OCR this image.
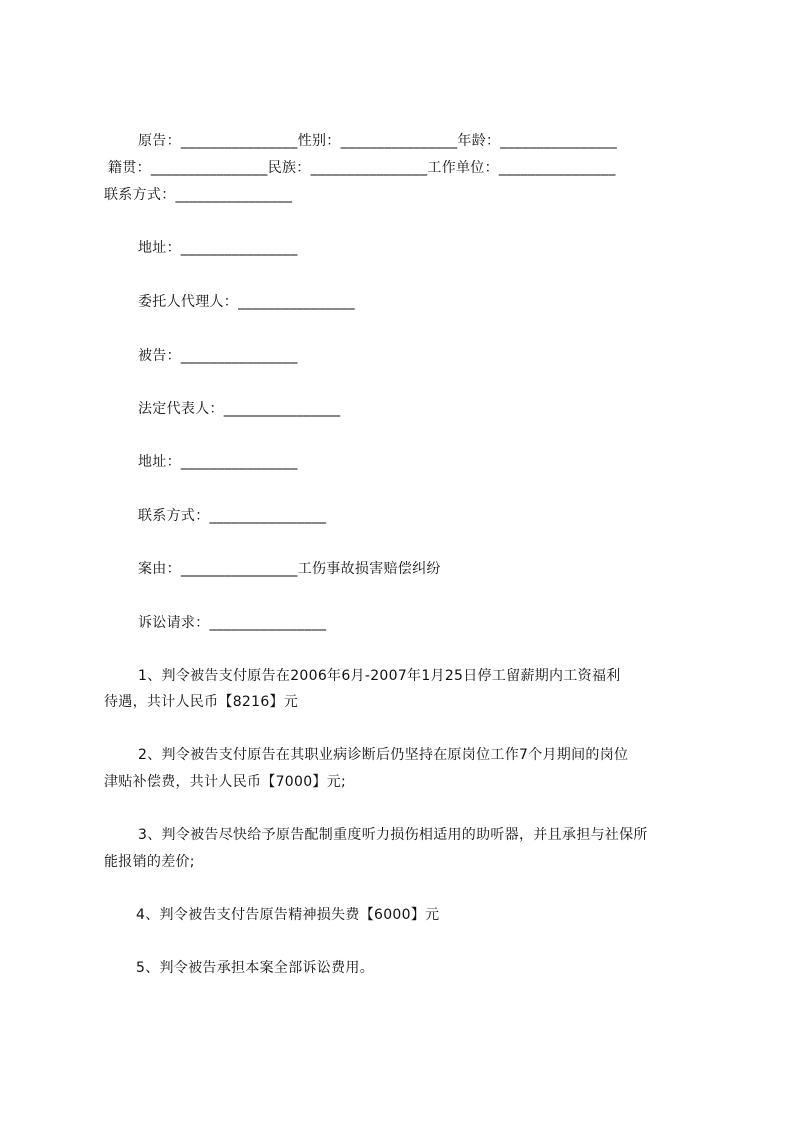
原告：________________性别：________________年龄：________________
籍贯：________________民族：________________工作单位：________________
联系方式：________________
地址：________________
委托人代理人：________________
被告：________________
法定代表人：________________
地址：________________
联系方式：________________
案由：________________工伤事故损害赔偿纠纷
诉讼请求：________________
1、判令被告支付原告在2006年6月-2007年1月25日停工留薪期内工资福利
待遇，共计人民币【8216】元
2、判令被告支付原告在其职业病诊断后仍坚持在原岗位工作7个月期间的岗位
津贴补偿费，共计人民币【7000】元;
3、判令被告尽快给予原告配制重度听力损伤相适用的助听器，并且承担与社保所
能报销的差价;
4、判令被告支付告原告精神损失费【6000】元
5、判令被告承担本案全部诉讼费用。
